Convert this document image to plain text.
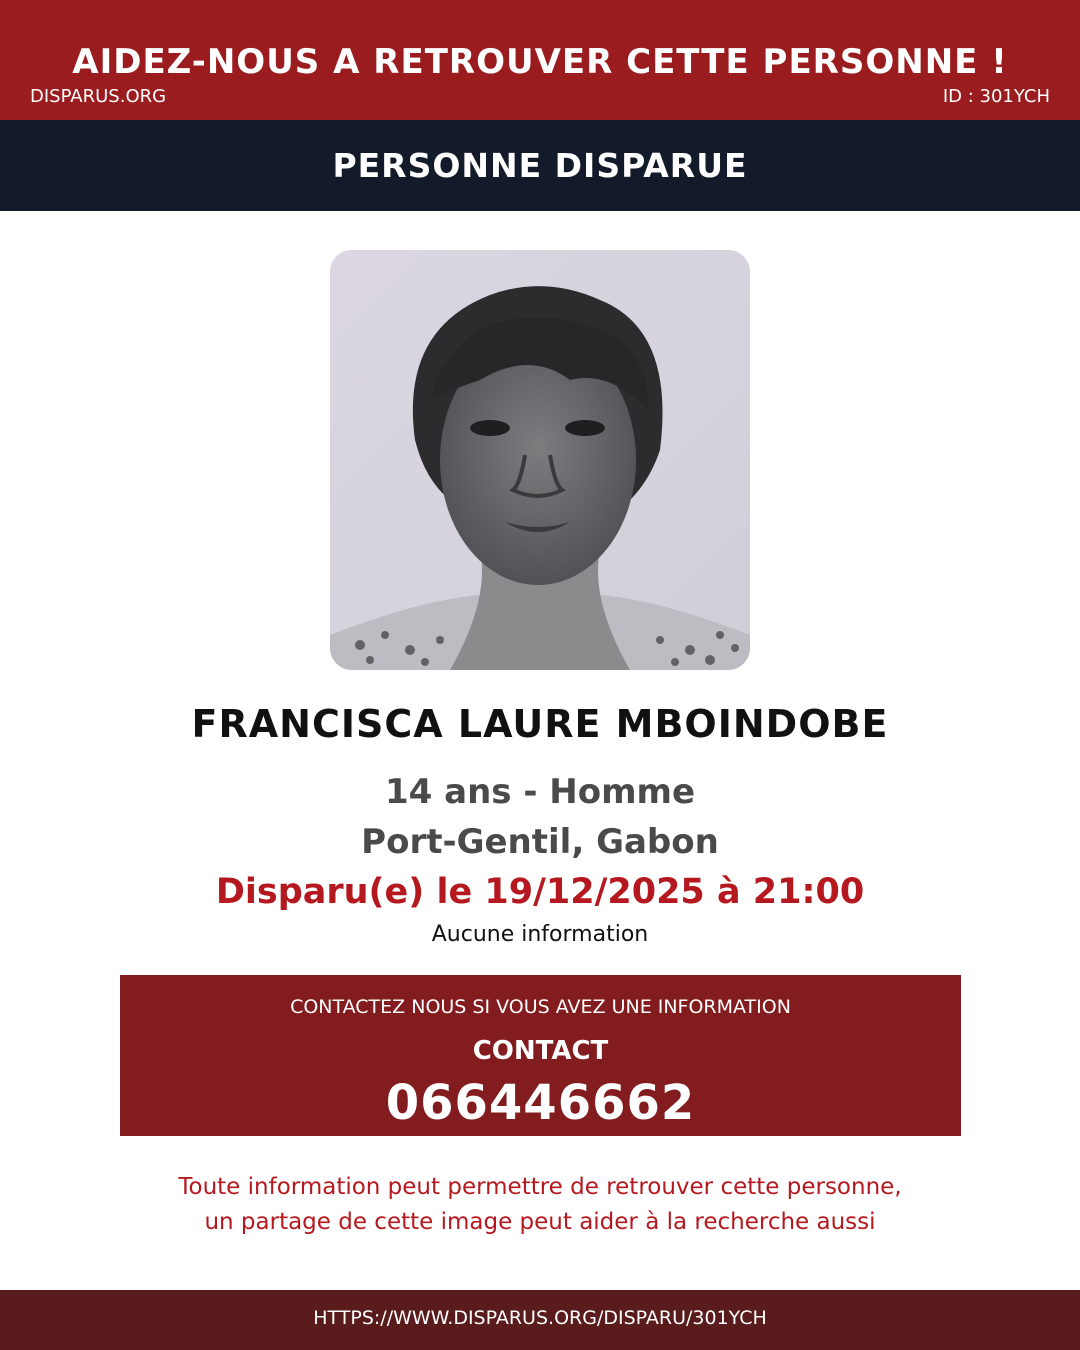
AIDEZ-NOUS A RETROUVER CETTE PERSONNE !
DISPARUS.ORG	ID : 301YCH
PERSONNE DISPARUE
FRANCISCA LAURE MBOINDOBE
14 ans - Homme
Port-Gentil, Gabon
Disparu(e) le 19/12/2025 à 21:00
Aucune information
CONTACTEZ NOUS SI VOUS AVEZ UNE INFORMATION
CONTACT
066446662
Toute information peut permettre de retrouver cette personne,
un partage de cette image peut aider à la recherche aussi
HTTPS://WWW.DISPARUS.ORG/DISPARU/301YCH
